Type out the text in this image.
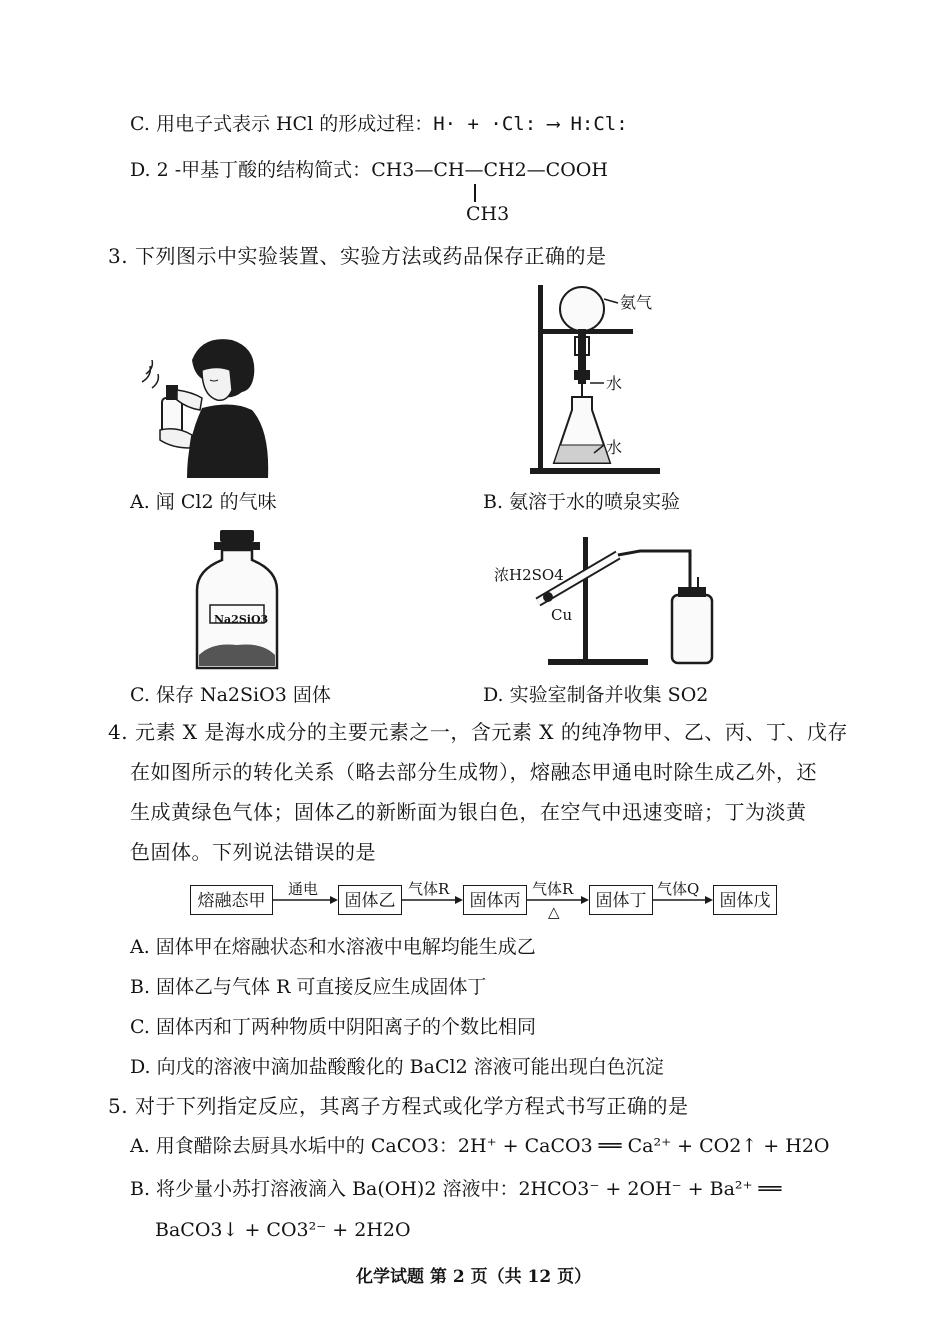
C. 用电子式表示 HCl 的形成过程：H· + ·Cl: ⟶ H:Cl:
D. 2 -甲基丁酸的结构简式：CH3—CH—CH2—COOH
CH3
3. 下列图示中实验装置、实验方法或药品保存正确的是
A. 闻 Cl2 的气味
氨气
水
水
B. 氨溶于水的喷泉实验
Na2SiO3
C. 保存 Na2SiO3 固体
浓H2SO4
Cu
D. 实验室制备并收集 SO2
4. 元素 X 是海水成分的主要元素之一，含元素 X 的纯净物甲、乙、丙、丁、戊存
在如图所示的转化关系（略去部分生成物），熔融态甲通电时除生成乙外，还
生成黄绿色气体；固体乙的新断面为银白色，在空气中迅速变暗；丁为淡黄
色固体。下列说法错误的是
熔融态甲	固体乙	固体丙	固体丁	固体戊
通电	气体R	气体R
△
气体Q
A. 固体甲在熔融状态和水溶液中电解均能生成乙
B. 固体乙与气体 R 可直接反应生成固体丁
C. 固体丙和丁两种物质中阴阳离子的个数比相同
D. 向戊的溶液中滴加盐酸酸化的 BaCl2 溶液可能出现白色沉淀
5. 对于下列指定反应，其离子方程式或化学方程式书写正确的是
A. 用食醋除去厨具水垢中的 CaCO3：2H⁺ + CaCO3 ══ Ca²⁺ + CO2↑ + H2O
B. 将少量小苏打溶液滴入 Ba(OH)2 溶液中：2HCO3⁻ + 2OH⁻ + Ba²⁺ ══
BaCO3↓ + CO3²⁻ + 2H2O
化学试题 第 2 页（共 12 页）
